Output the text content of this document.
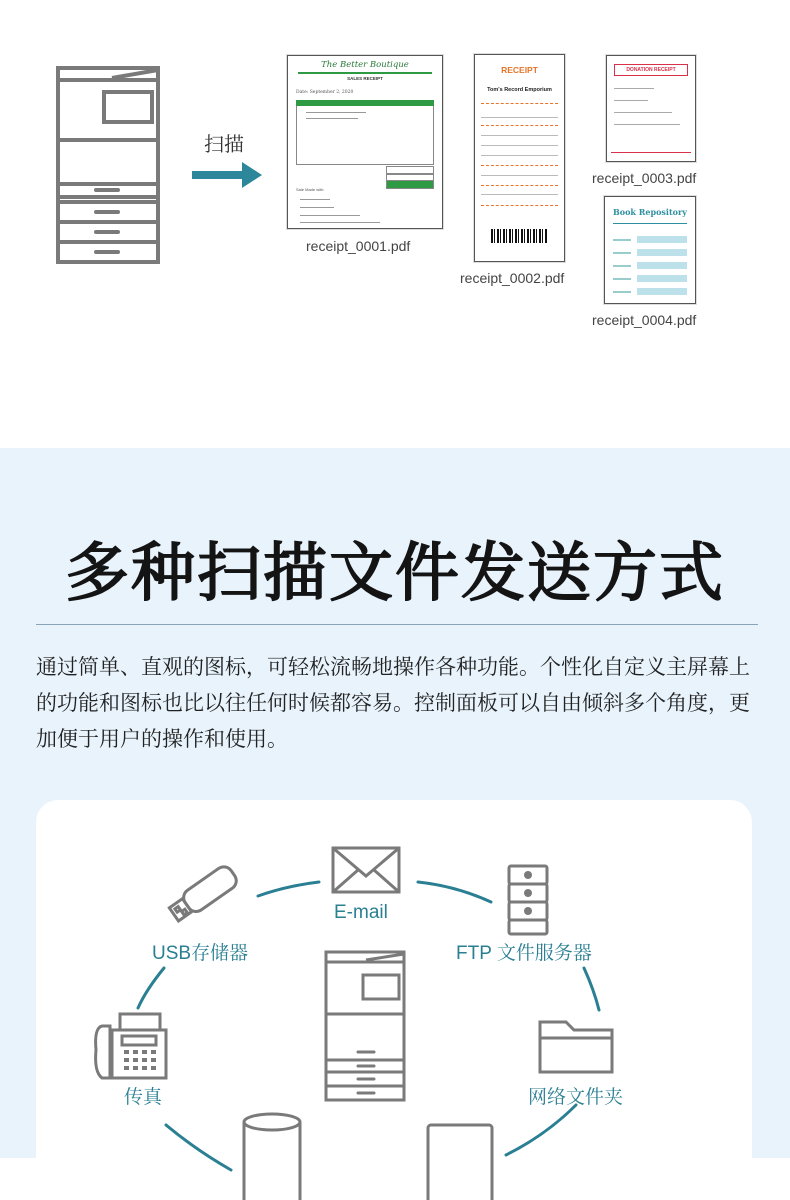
扫描
The Better Boutique
SALES RECEIPT
Date: September 2, 2020
Sale Made with:
receipt_0001.pdf
RECEIPT
Tom's Record Emporium
receipt_0002.pdf
DONATION RECEIPT
receipt_0003.pdf
Book Repository
receipt_0004.pdf
多种扫描文件发送方式
通过简单、直观的图标，可轻松流畅地操作各种功能。个性化自定义主屏幕上的功能和图标也比以往任何时候都容易。控制面板可以自由倾斜多个角度，更加便于用户的操作和使用。
E-mail
USB存储器	FTP 文件服务器
传真	网络文件夹
